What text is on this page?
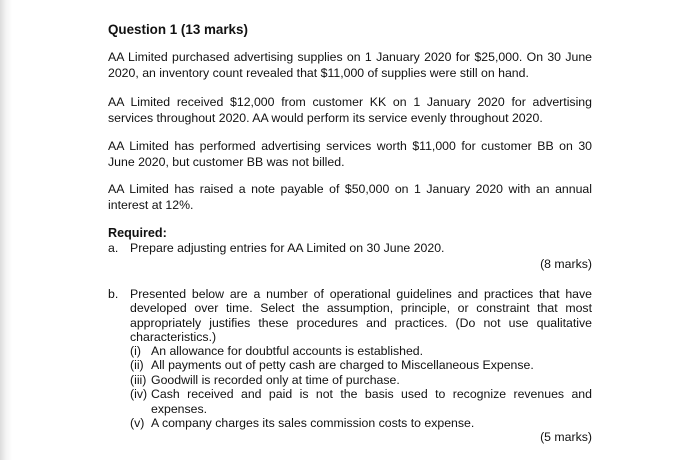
Question 1 (13 marks)
AA Limited purchased advertising supplies on 1 January 2020 for $25,000. On 30 June 2020, an inventory count revealed that $11,000 of supplies were still on hand.
AA Limited received $12,000 from customer KK on 1 January 2020 for advertising services throughout 2020. AA would perform its service evenly throughout 2020.
AA Limited has performed advertising services worth $11,000 for customer BB on 30 June 2020, but customer BB was not billed.
AA Limited has raised a note payable of $50,000 on 1 January 2020 with an annual interest at 12%.
Required:
a. Prepare adjusting entries for AA Limited on 30 June 2020.
(8 marks)
b. Presented below are a number of operational guidelines and practices that have developed over time. Select the assumption, principle, or constraint that most appropriately justifies these procedures and practices. (Do not use qualitative characteristics.)
(i) An allowance for doubtful accounts is established.
(ii) All payments out of petty cash are charged to Miscellaneous Expense.
(iii) Goodwill is recorded only at time of purchase.
(iv) Cash received and paid is not the basis used to recognize revenues and expenses.
(v) A company charges its sales commission costs to expense.
(5 marks)
